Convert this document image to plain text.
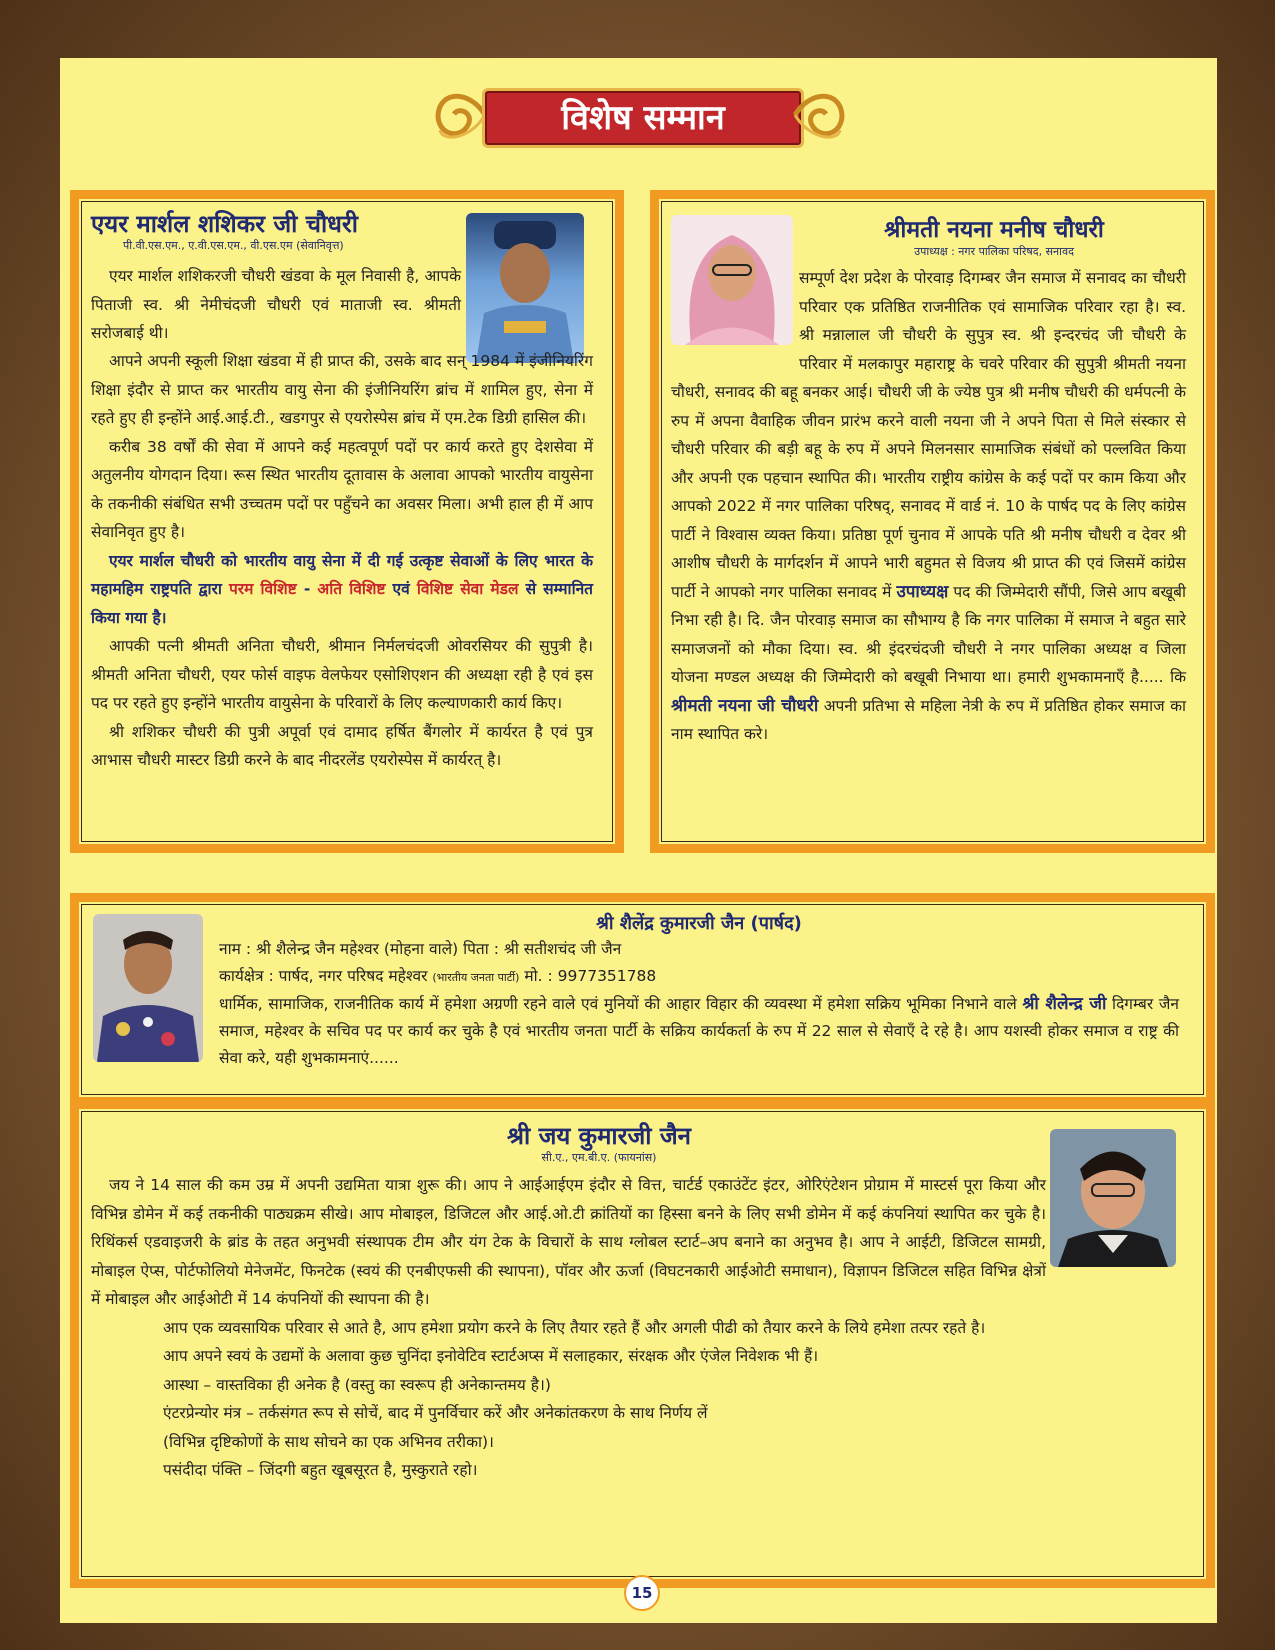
विशेष सम्मान

एयर मार्शल शशिकर जी चौधरी

पी.वी.एस.एम., ए.वी.एस.एम., वी.एस.एम (सेवानिवृत्त)

एयर मार्शल शशिकरजी चौधरी खंडवा के मूल निवासी है, आपके पिताजी स्व. श्री नेमीचंदजी चौधरी एवं माताजी स्व. श्रीमती सरोजबाई थी।

आपने अपनी स्कूली शिक्षा खंडवा में ही प्राप्त की, उसके बाद सन् 1984 में इंजीनियरिंग शिक्षा इंदौर से प्राप्त कर भारतीय वायु सेना की इंजीनियरिंग ब्रांच में शामिल हुए, सेना में रहते हुए ही इन्होंने आई.आई.टी., खडगपुर से एयरोस्पेस ब्रांच में एम.टेक डिग्री हासिल की।

करीब 38 वर्षों की सेवा में आपने कई महत्वपूर्ण पदों पर कार्य करते हुए देशसेवा में अतुलनीय योगदान दिया। रूस स्थित भारतीय दूतावास के अलावा आपको भारतीय वायुसेना के तकनीकी संबंधित सभी उच्चतम पदों पर पहुँचने का अवसर मिला। अभी हाल ही में आप सेवानिवृत हुए है।

एयर मार्शल चौधरी को भारतीय वायु सेना में दी गई उत्कृष्ट सेवाओं के लिए भारत के महामहिम राष्ट्रपति द्वारा परम विशिष्ट - अति विशिष्ट एवं विशिष्ट सेवा मेडल से सम्मानित किया गया है।

आपकी पत्नी श्रीमती अनिता चौधरी, श्रीमान निर्मलचंदजी ओवरसियर की सुपुत्री है। श्रीमती अनिता चौधरी, एयर फोर्स वाइफ वेलफेयर एसोशिएशन की अध्यक्षा रही है एवं इस पद पर रहते हुए इन्होंने भारतीय वायुसेना के परिवारों के लिए कल्याणकारी कार्य किए।

श्री शशिकर चौधरी की पुत्री अपूर्वा एवं दामाद हर्षित बैंगलोर में कार्यरत है एवं पुत्र आभास चौधरी मास्टर डिग्री करने के बाद नीदरलेंड एयरोस्पेस में कार्यरत् है।

श्रीमती नयना मनीष चौधरी

उपाध्यक्ष : नगर पालिका परिषद, सनावद

सम्पूर्ण देश प्रदेश के पोरवाड़ दिगम्बर जैन समाज में सनावद का चौधरी परिवार एक प्रतिष्ठित राजनीतिक एवं सामाजिक परिवार रहा है। स्व. श्री मन्नालाल जी चौधरी के सुपुत्र स्व. श्री इन्दरचंद जी चौधरी के परिवार में मलकापुर महाराष्ट्र के चवरे परिवार की सुपुत्री श्रीमती नयना चौधरी, सनावद की बहू बनकर आई। चौधरी जी के ज्येष्ठ पुत्र श्री मनीष चौधरी की धर्मपत्नी के रुप में अपना वैवाहिक जीवन प्रारंभ करने वाली नयना जी ने अपने पिता से मिले संस्कार से चौधरी परिवार की बड़ी बहू के रुप में अपने मिलनसार सामाजिक संबंधों को पल्लवित किया और अपनी एक पहचान स्थापित की। भारतीय राष्ट्रीय कांग्रेस के कई पदों पर काम किया और आपको 2022 में नगर पालिका परिषद्, सनावद में वार्ड नं. 10 के पार्षद पद के लिए कांग्रेस पार्टी ने विश्वास व्यक्त किया। प्रतिष्ठा पूर्ण चुनाव में आपके पति श्री मनीष चौधरी व देवर श्री आशीष चौधरी के मार्गदर्शन में आपने भारी बहुमत से विजय श्री प्राप्त की एवं जिसमें कांग्रेस पार्टी ने आपको नगर पालिका सनावद में उपाध्यक्ष पद की जिम्मेदारी सौंपी, जिसे आप बखूबी निभा रही है। दि. जैन पोरवाड़ समाज का सौभाग्य है कि नगर पालिका में समाज ने बहुत सारे समाजजनों को मौका दिया। स्व. श्री इंदरचंदजी चौधरी ने नगर पालिका अध्यक्ष व जिला योजना मण्डल अध्यक्ष की जिम्मेदारी को बखूबी निभाया था। हमारी शुभकामनाएँ है..... कि श्रीमती नयना जी चौधरी अपनी प्रतिभा से महिला नेत्री के रुप में प्रतिष्ठित होकर समाज का नाम स्थापित करे।

श्री शैलेंद्र कुमारजी जैन (पार्षद)

नाम : श्री शैलेन्द्र जैन महेश्वर (मोहना वाले) पिता : श्री सतीशचंद जी जैन

कार्यक्षेत्र : पार्षद, नगर परिषद महेश्वर (भारतीय जनता पार्टी) मो. : 9977351788

धार्मिक, सामाजिक, राजनीतिक कार्य में हमेशा अग्रणी रहने वाले एवं मुनियों की आहार विहार की व्यवस्था में हमेशा सक्रिय भूमिका निभाने वाले श्री शैलेन्द्र जी दिगम्बर जैन समाज, महेश्वर के सचिव पद पर कार्य कर चुके है एवं भारतीय जनता पार्टी के सक्रिय कार्यकर्ता के रुप में 22 साल से सेवाएँ दे रहे है। आप यशस्वी होकर समाज व राष्ट्र की सेवा करे, यही शुभकामनाएं......

श्री जय कुमारजी जैन

सी.ए., एम.बी.ए. (फायनांस)

जय ने 14 साल की कम उम्र में अपनी उद्यमिता यात्रा शुरू की। आप ने आईआईएम इंदौर से वित्त, चार्टर्ड एकाउंटेंट इंटर, ओरिएंटेशन प्रोग्राम में मास्टर्स पूरा किया और विभिन्न डोमेन में कई तकनीकी पाठ्यक्रम सीखे। आप मोबाइल, डिजिटल और आई.ओ.टी क्रांतियों का हिस्सा बनने के लिए सभी डोमेन में कई कंपनियां स्थापित कर चुके है। रिथिंकर्स एडवाइजरी के ब्रांड के तहत अनुभवी संस्थापक टीम और यंग टेक के विचारों के साथ ग्लोबल स्टार्ट–अप बनाने का अनुभव है। आप ने आईटी, डिजिटल सामग्री, मोबाइल ऐप्स, पोर्टफोलियो मेनेजमेंट, फिनटेक (स्वयं की एनबीएफसी की स्थापना), पॉवर और ऊर्जा (विघटनकारी आईओटी समाधान), विज्ञापन डिजिटल सहित विभिन्न क्षेत्रों में मोबाइल और आईओटी में 14 कंपनियों की स्थापना की है।

आप एक व्यवसायिक परिवार से आते है, आप हमेशा प्रयोग करने के लिए तैयार रहते हैं और अगली पीढी को तैयार करने के लिये हमेशा तत्पर रहते है।

आप अपने स्वयं के उद्यमों के अलावा कुछ चुनिंदा इनोवेटिव स्टार्टअप्स में सलाहकार, संरक्षक और एंजेल निवेशक भी हैं।

आस्था – वास्तविका ही अनेक है (वस्तु का स्वरूप ही अनेकान्तमय है।)

एंटरप्रेन्योर मंत्र – तर्कसंगत रूप से सोचें, बाद में पुनर्विचार करें और अनेकांतकरण के साथ निर्णय लें

(विभिन्न दृष्टिकोणों के साथ सोचने का एक अभिनव तरीका)।

पसंदीदा पंक्ति – जिंदगी बहुत खूबसूरत है, मुस्कुराते रहो।

15
